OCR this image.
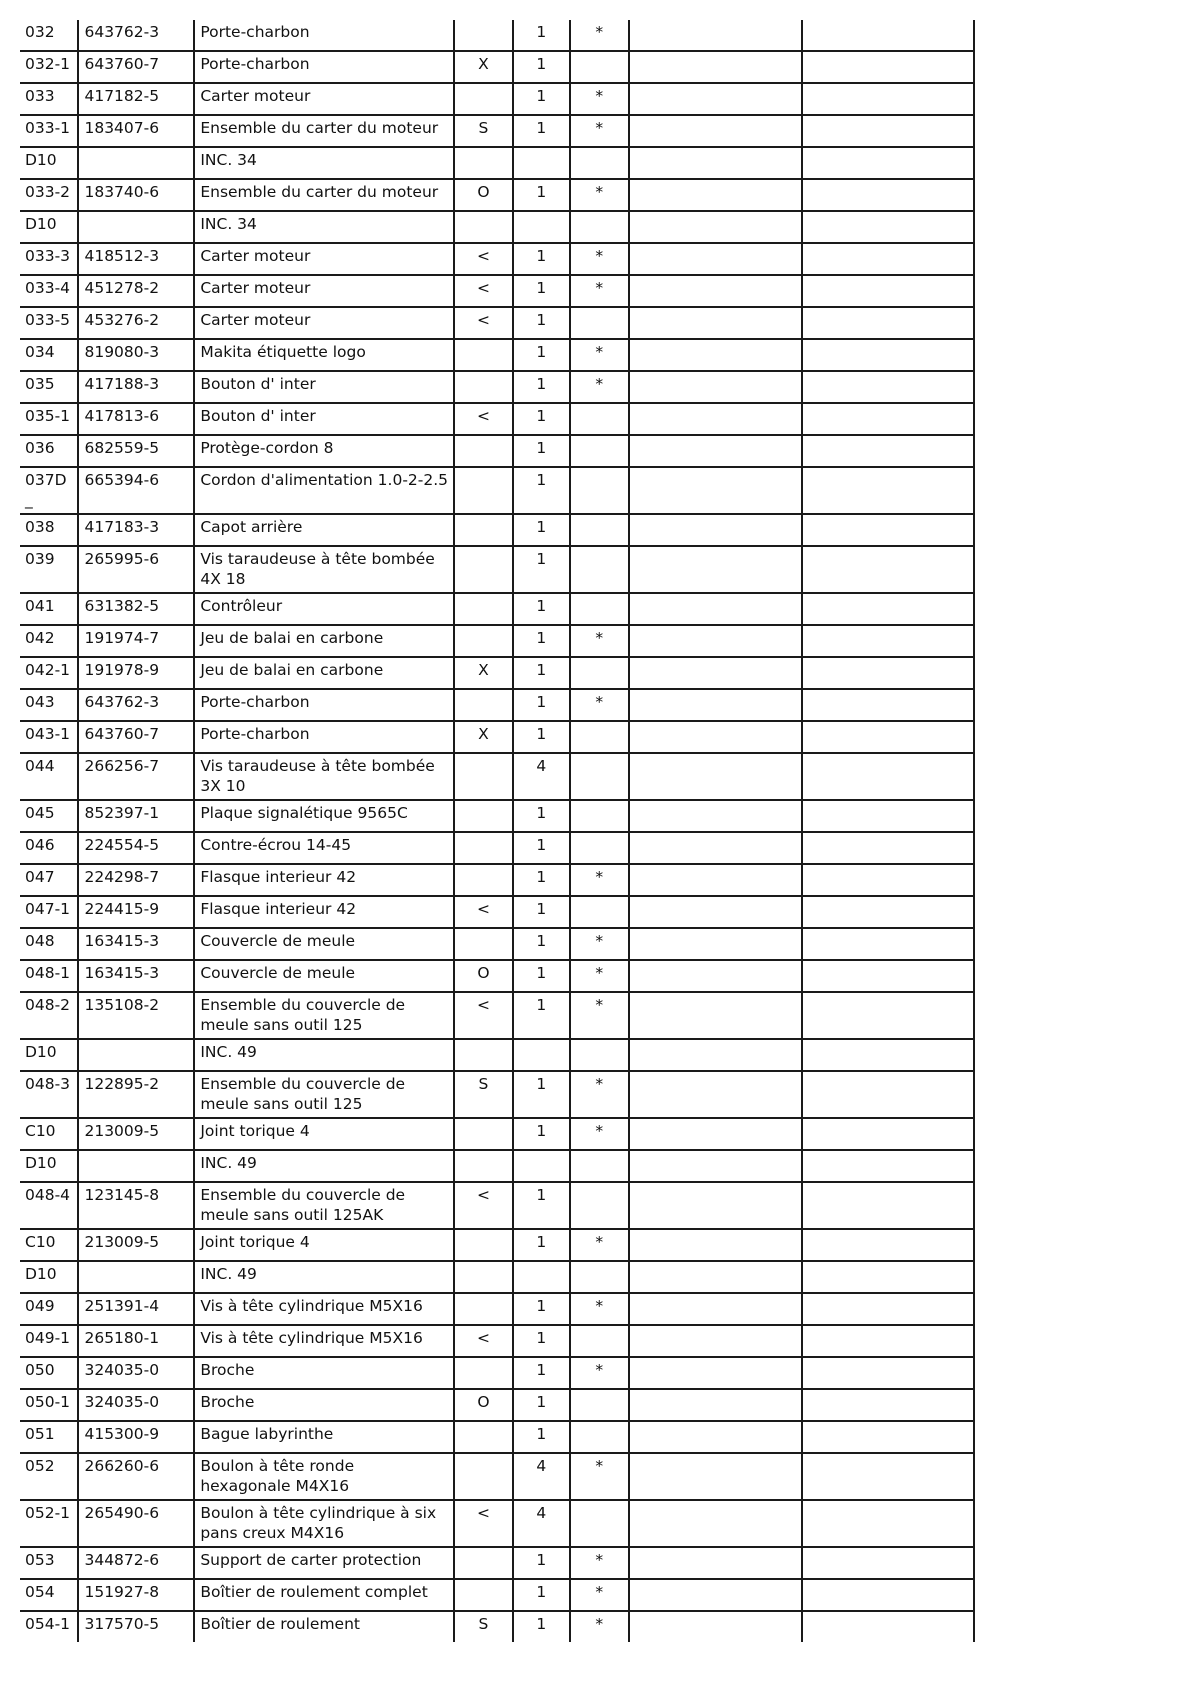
032	643762-3	Porte-charbon		1	*		
032-1	643760-7	Porte-charbon	X	1			
033	417182-5	Carter moteur		1	*		
033-1	183407-6	Ensemble du carter du moteur	S	1	*		
D10		INC. 34					
033-2	183740-6	Ensemble du carter du moteur	O	1	*		
D10		INC. 34					
033-3	418512-3	Carter moteur	<	1	*		
033-4	451278-2	Carter moteur	<	1	*		
033-5	453276-2	Carter moteur	<	1			
034	819080-3	Makita étiquette logo		1	*		
035	417188-3	Bouton d' inter		1	*		
035-1	417813-6	Bouton d' inter	<	1			
036	682559-5	Protège-cordon 8		1			
037D_	665394-6	Cordon d'alimentation 1.0-2-2.5		1			
038	417183-3	Capot arrière		1			
039	265995-6	Vis taraudeuse à tête bombée 4X 18		1			
041	631382-5	Contrôleur		1			
042	191974-7	Jeu de balai en carbone		1	*		
042-1	191978-9	Jeu de balai en carbone	X	1			
043	643762-3	Porte-charbon		1	*		
043-1	643760-7	Porte-charbon	X	1			
044	266256-7	Vis taraudeuse à tête bombée 3X 10		4			
045	852397-1	Plaque signalétique 9565C		1			
046	224554-5	Contre-écrou 14-45		1			
047	224298-7	Flasque interieur 42		1	*		
047-1	224415-9	Flasque interieur 42	<	1			
048	163415-3	Couvercle de meule		1	*		
048-1	163415-3	Couvercle de meule	O	1	*		
048-2	135108-2	Ensemble du couvercle de meule sans outil 125	<	1	*		
D10		INC. 49					
048-3	122895-2	Ensemble du couvercle de meule sans outil 125	S	1	*		
C10	213009-5	Joint torique 4		1	*		
D10		INC. 49					
048-4	123145-8	Ensemble du couvercle de meule sans outil 125AK	<	1			
C10	213009-5	Joint torique 4		1	*		
D10		INC. 49					
049	251391-4	Vis à tête cylindrique M5X16		1	*		
049-1	265180-1	Vis à tête cylindrique M5X16	<	1			
050	324035-0	Broche		1	*		
050-1	324035-0	Broche	O	1			
051	415300-9	Bague labyrinthe		1			
052	266260-6	Boulon à tête ronde hexagonale M4X16		4	*		
052-1	265490-6	Boulon à tête cylindrique à six pans creux M4X16	<	4			
053	344872-6	Support de carter protection		1	*		
054	151927-8	Boîtier de roulement complet		1	*		
054-1	317570-5	Boîtier de roulement	S	1	*		
